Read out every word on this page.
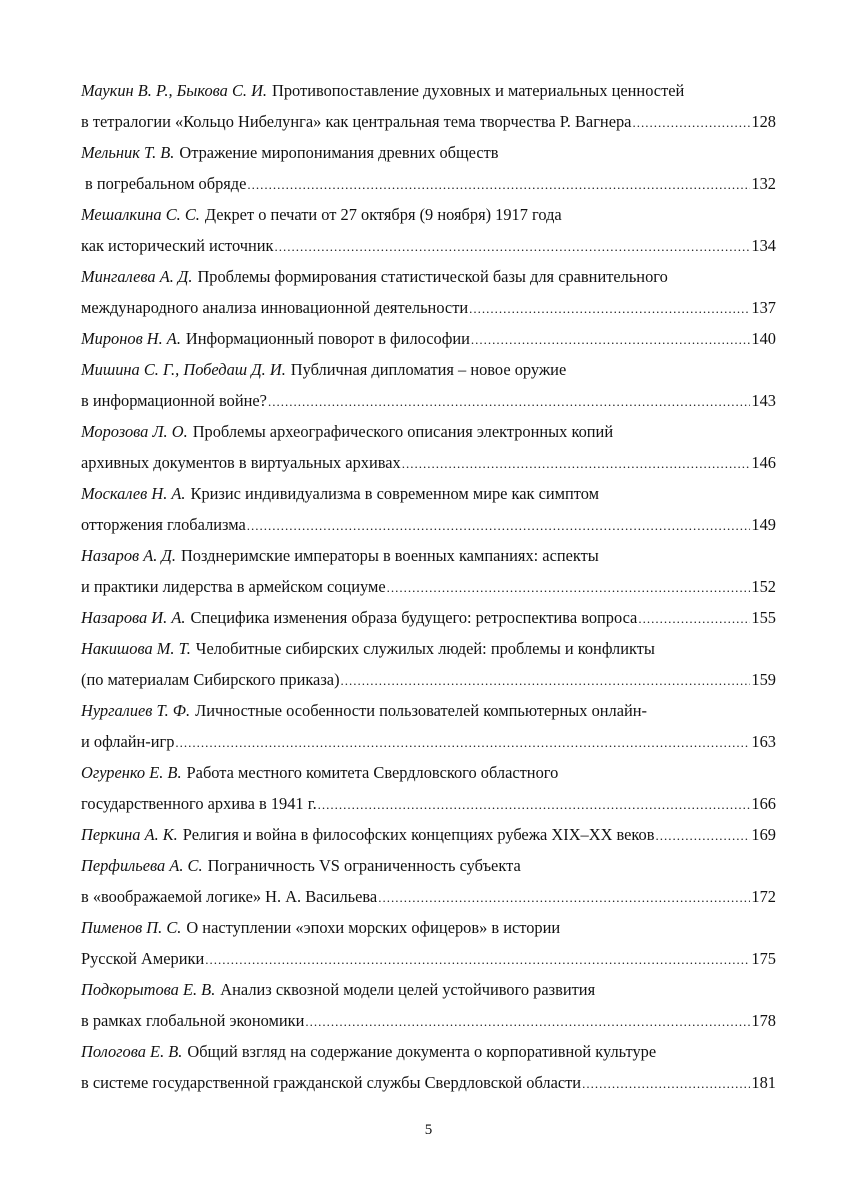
Маукин В. Р., Быкова С. И. Противопоставление духовных и материальных ценностей
в тетралогии «Кольцо Нибелунга» как центральная тема творчества Р. Вагнера .....	128
Мельник Т. В. Отражение миропонимания древних обществ
в погребальном обряде .....	132
Мешалкина С. С. Декрет о печати от 27 октября (9 ноября) 1917 года
как исторический источник .....	134
Мингалева А. Д. Проблемы формирования статистической базы для сравнительного
международного анализа инновационной деятельности .....	137
Миронов Н. А. Информационный поворот в философии .....	140
Мишина С. Г., Победаш Д. И. Публичная дипломатия – новое оружие
в информационной войне? .....	143
Морозова Л. О. Проблемы археографического описания электронных копий
архивных документов в виртуальных архивах .....	146
Москалев Н. А. Кризис индивидуализма в современном мире как симптом
отторжения глобализма .....	149
Назаров А. Д. Позднеримские императоры в военных кампаниях: аспекты
и практики лидерства в армейском социуме .....	152
Назарова И. А. Специфика изменения образа будущего: ретроспектива вопроса .....	155
Накишова М. Т. Челобитные сибирских служилых людей: проблемы и конфликты
(по материалам Сибирского приказа) .....	159
Нургалиев Т. Ф. Личностные особенности пользователей компьютерных онлайн-
и офлайн-игр .....	163
Огуренко Е. В. Работа местного комитета Свердловского областного
государственного архива в 1941 г. .....	166
Перкина А. К. Религия и война в философских концепциях рубежа XIX–XX веков .....	169
Перфильева А. С. Пограничность VS ограниченность субъекта
в «воображаемой логике» Н. А. Васильева .....	172
Пименов П. С. О наступлении «эпохи морских офицеров» в истории
Русской Америки .....	175
Подкорытова Е. В. Анализ сквозной модели целей устойчивого развития
в рамках глобальной экономики .....	178
Пологова Е. В. Общий взгляд на содержание документа о корпоративной культуре
в системе государственной гражданской службы Свердловской области .....	181
5
